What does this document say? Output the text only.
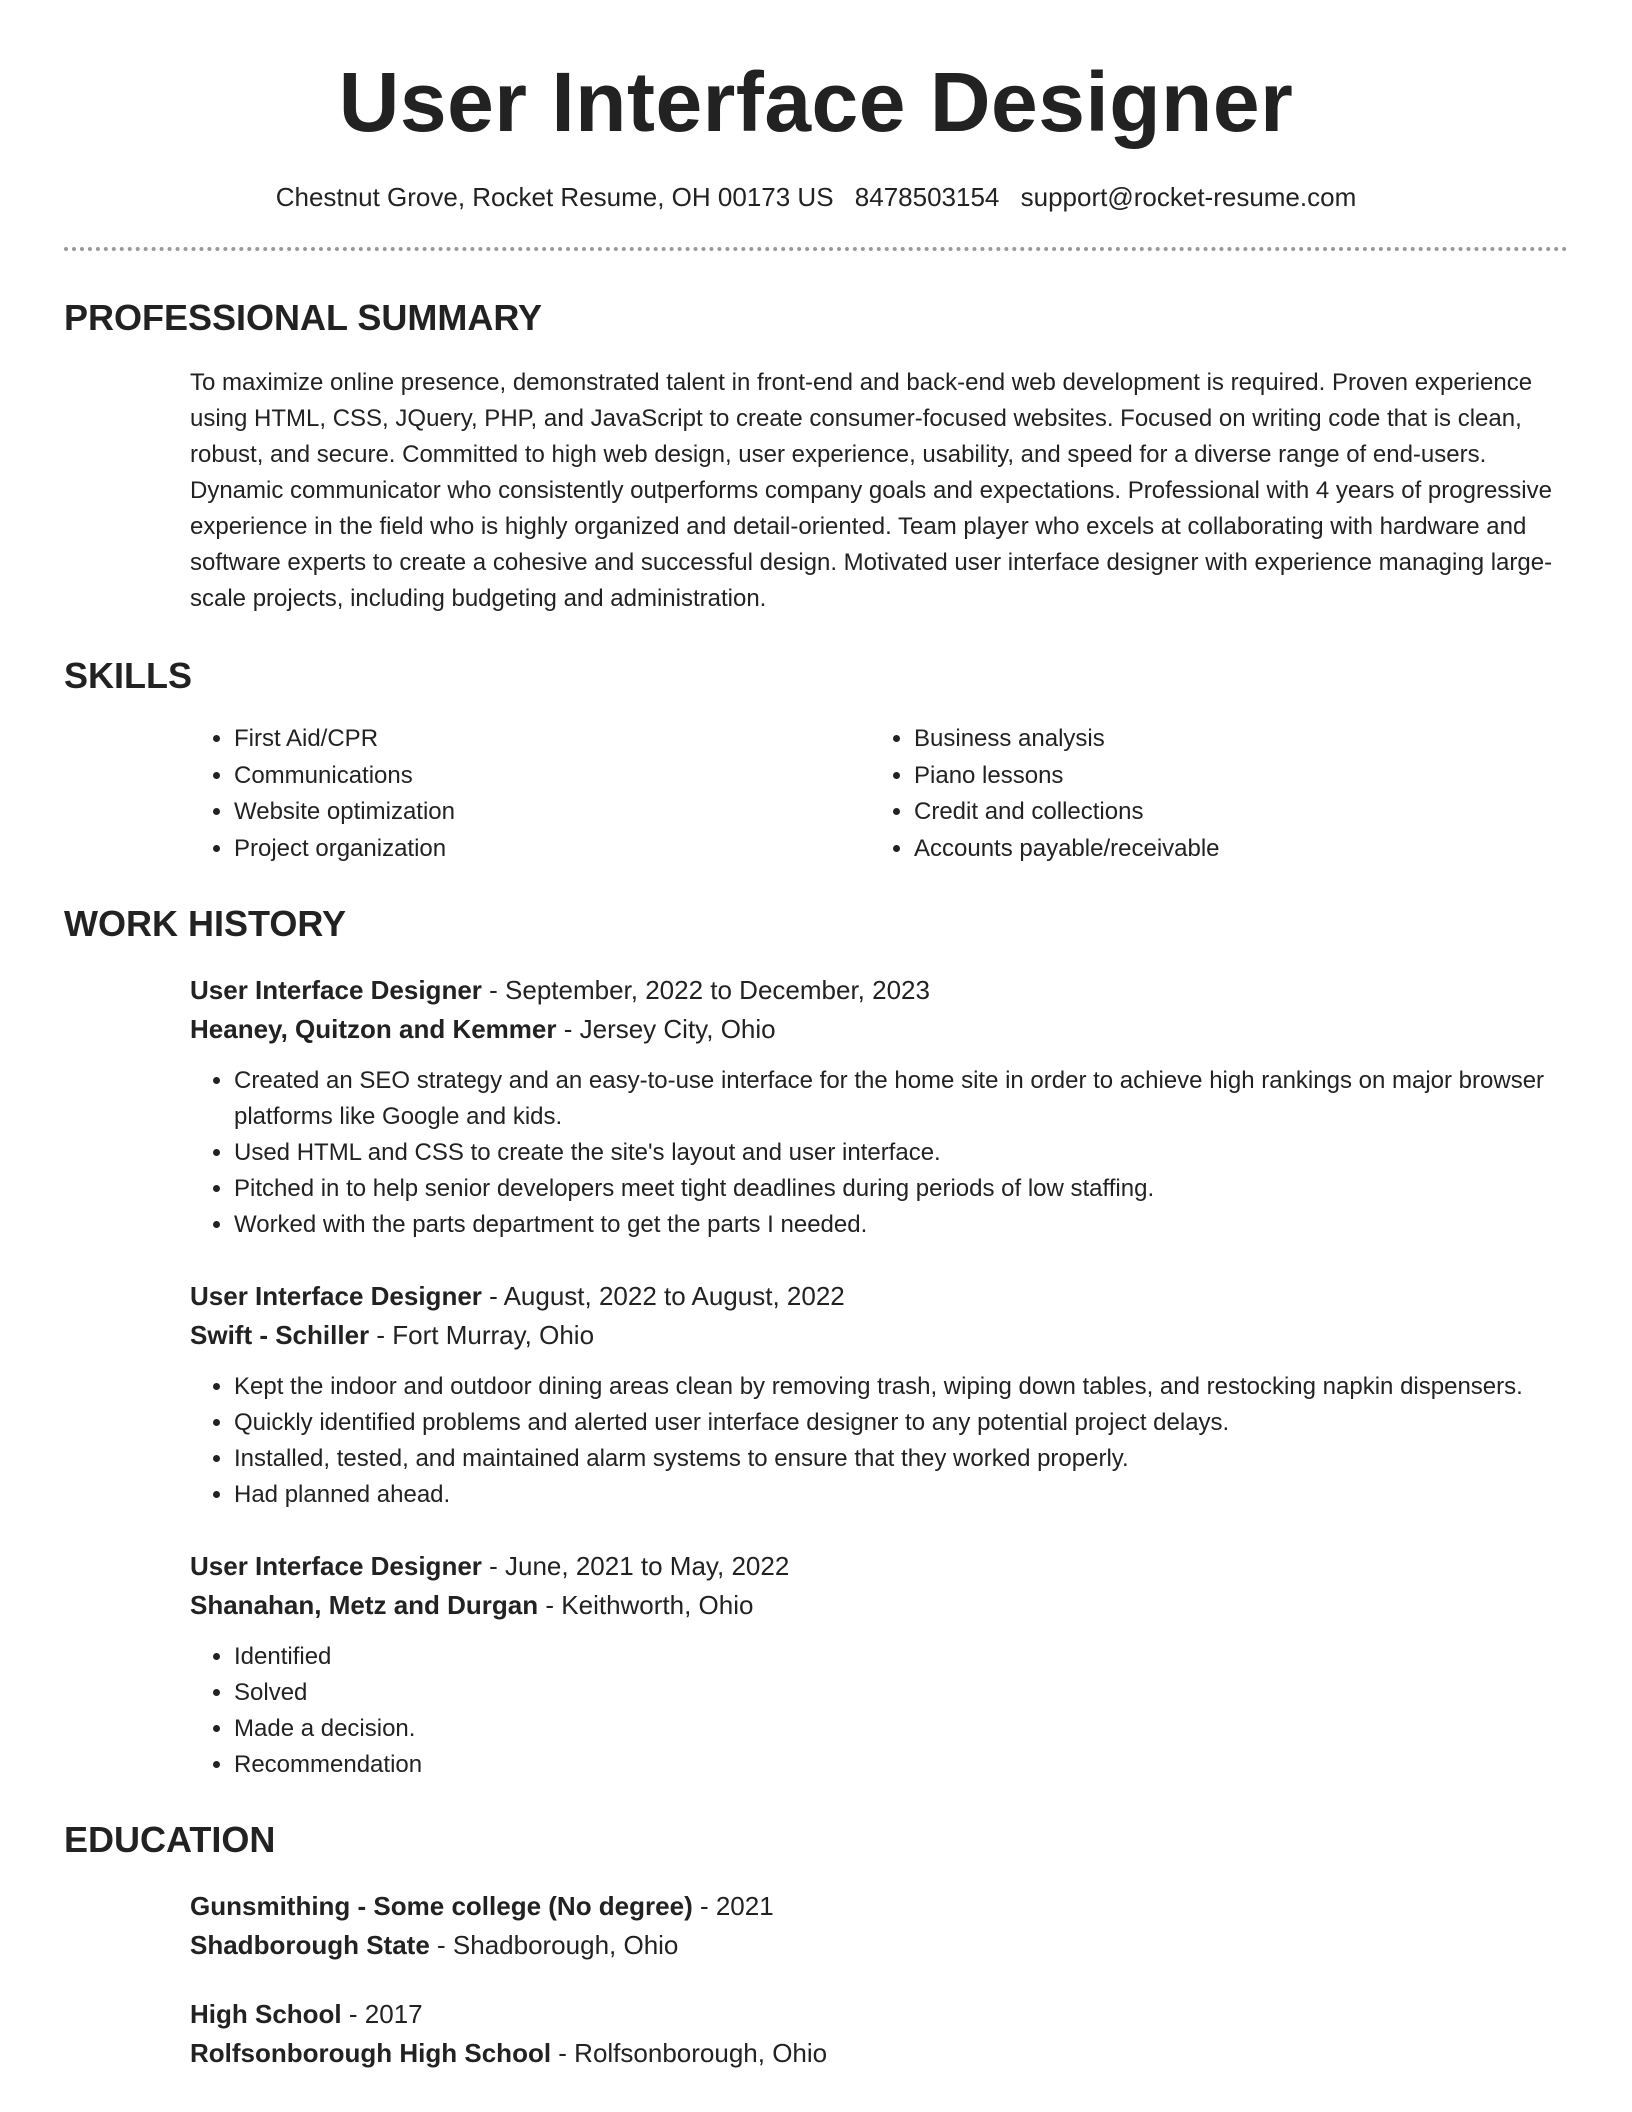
User Interface Designer
Chestnut Grove, Rocket Resume, OH 00173 US 8478503154 support@rocket-resume.com
PROFESSIONAL SUMMARY

To maximize online presence, demonstrated talent in front-end and back-end web development is required. Proven experience using HTML, CSS, JQuery, PHP, and JavaScript to create consumer-focused websites. Focused on writing code that is clean, robust, and secure. Committed to high web design, user experience, usability, and speed for a diverse range of end-users. Dynamic communicator who consistently outperforms company goals and expectations. Professional with 4 years of progressive experience in the field who is highly organized and detail-oriented. Team player who excels at collaborating with hardware and software experts to create a cohesive and successful design. Motivated user interface designer with experience managing large-scale projects, including budgeting and administration.

SKILLS
• First Aid/CPR
• Communications
• Website optimization
• Project organization
• Business analysis
• Piano lessons
• Credit and collections
• Accounts payable/receivable
WORK HISTORY
User Interface Designer - September, 2022 to December, 2023
Heaney, Quitzon and Kemmer - Jersey City, Ohio
• Created an SEO strategy and an easy-to-use interface for the home site in order to achieve high rankings on major browser platforms like Google and kids.
• Used HTML and CSS to create the site's layout and user interface.
• Pitched in to help senior developers meet tight deadlines during periods of low staffing.
• Worked with the parts department to get the parts I needed.
User Interface Designer - August, 2022 to August, 2022
Swift - Schiller - Fort Murray, Ohio
• Kept the indoor and outdoor dining areas clean by removing trash, wiping down tables, and restocking napkin dispensers.
• Quickly identified problems and alerted user interface designer to any potential project delays.
• Installed, tested, and maintained alarm systems to ensure that they worked properly.
• Had planned ahead.
User Interface Designer - June, 2021 to May, 2022
Shanahan, Metz and Durgan - Keithworth, Ohio
• Identified
• Solved
• Made a decision.
• Recommendation
EDUCATION
Gunsmithing - Some college (No degree) - 2021
Shadborough State - Shadborough, Ohio
High School - 2017
Rolfsonborough High School - Rolfsonborough, Ohio
